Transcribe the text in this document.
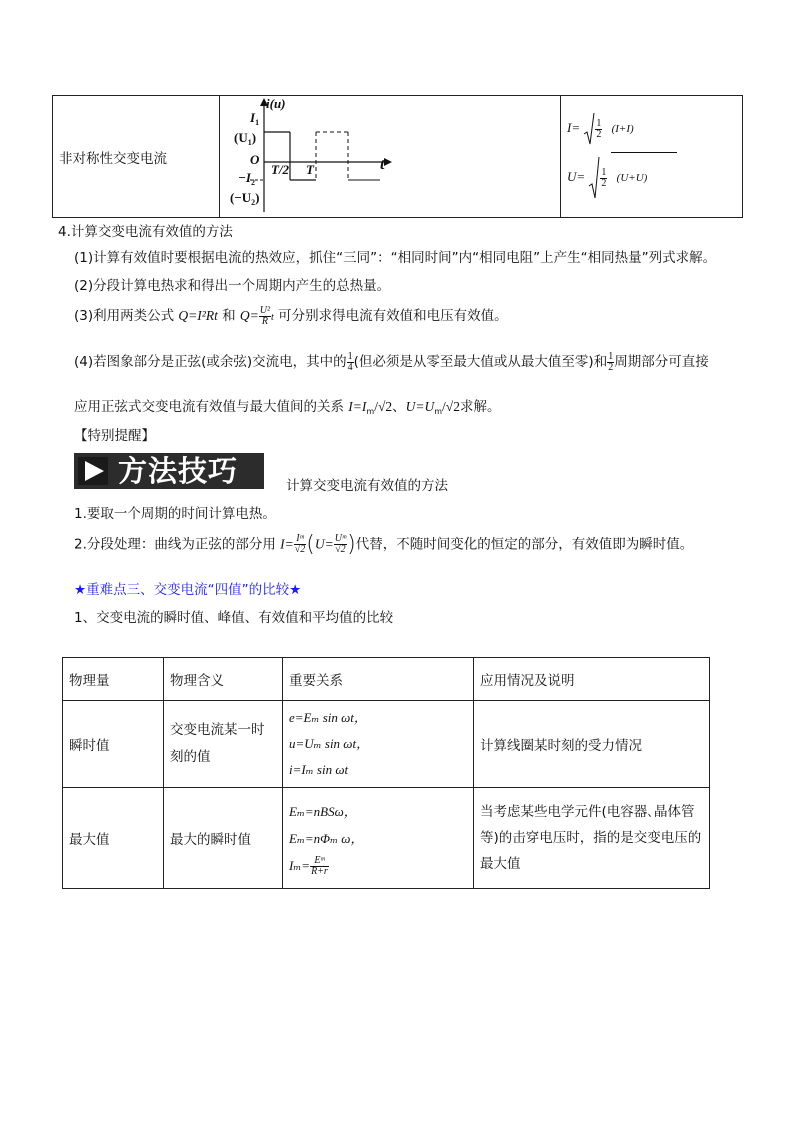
非对称性交变电流	
i(u)
$I_1$
$(U_1)$
O
$-I_2$
$(-U_2)$
T/2 T	t

$I= \frac{1}{2} (I+I)$
$U= \frac{1}{2} (U+U)$
4.计算交变电流有效值的方法
(1)计算有效值时要根据电流的热效应，抓住“三同”：“相同时间”内“相同电阻”上产生“相同热量”列式求解。
(2)分段计算电热求和得出一个周期内产生的总热量。
(3)利用两类公式 Q=I²Rt 和 $Q= \frac{\text{U²}}{R}$ t 可分别求得电流有效值和电压有效值。
(4)若图象部分是正弦(或余弦)交流电，其中的 $\frac{1}{4}$ (但必须是从零至最大值或从最大值至零)和 $\frac{1}{2}$ 周期部分可直接
应用正弦式交变电流有效值与最大值间的关系 $I=I_m/√2$、$U=U_m/√2$求解。
【特别提醒】
方法技巧	计算交变电流有效值的方法
1.要取一个周期的时间计算电热。
2.分段处理：曲线为正弦的部分用 $I= \frac{\text{Iᵐ}}{√2} (U= \frac{\text{Uᵐ}}{√2}$ )代替，不随时间变化的恒定的部分，有效值即为瞬时值。
★重难点三、交变电流“四值”的比较★
1、交变电流的瞬时值、峰值、有效值和平均值的比较
物理量	物理含义	重要关系	应用情况及说明
瞬时值	交变电流某一时刻的值	e=Eₘ sin ωt，
u=Uₘ sin ωt，
i=Iₘ sin ωt	计算线圈某时刻的受力情况
最大值	最大的瞬时值	Eₘ=nBSω，
Eₘ=nΦₘ ω，
$I_m= \frac{\text{Eᵐ}}{R+r}$	当考虑某些电学元件(电容器､晶体管等)的击穿电压时，指的是交变电压的最大值
